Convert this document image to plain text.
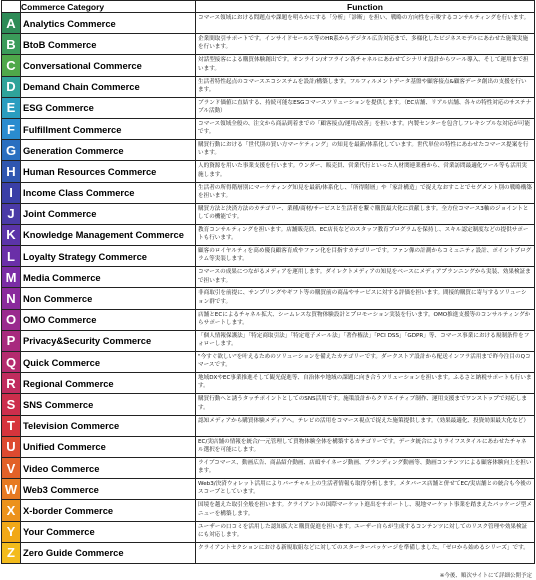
	Commerce Category	Function
A	Analytics Commerce	コマース領域における問題点や課題を明らかにする「分析」「診断」を担い、戦略の方向性を示唆するコンサルティングを行います。
B	BtoB Commerce	企業間取引サポートです。インサイドセールス等のHR系からデジタル広告対応まで、多様化したビジネスモデルにあわせた施策実施を行います。
C	Conversational Commerce	対話型接客による購買体験創出です。オンライン/オフライン各チャネルにあわせてシナリオ設計からツール導入、そして運用まで担います。
D	Demand Chain Commerce	生活者特性起点のコマースエコシステムを設計/構築します。フルフィルメントデータ基盤や顧客接点&顧客データ創出の支援を行います。
E	ESG Commerce	ブランド価値に直結する、持続可能なESGコマースソリューションを提供します。（EC店舗、リアル店舗、各々の特性対応のサステナブル活動）
F	Fulfillment Commerce	コマース領域全般の、注文から商品到着までの「顧客接点/運用/改善」を担います。内製センターを包含しフレキシブルな対応が可能です。
G	Generation Commerce	購買行動における「世代別の買い方マーケティング」の知見を最新/体系化しています。世代単位の特性にあわせたコマース提案を行います。
H	Human Resources Commerce	人的資源を用いた事業支援を行います。ウンダー、販売員、営業代行といった人材関連業務から、営業訪問最適化ツール等も活用実施します。
I	Income Class Commerce	生活者の所得階層別にマーケティング知見を最新/体系化し、「所得階層」や「家計構造」で捉えなおすことでセグメント別の戦略構築を担います。
J	Joint Commerce	購買方法と決済方法のカテゴリー、業種/商材/サービスと生活者を繋ぐ購買最大化に貢献します。全方位コマース3軸のジョイントとしての機能です。
K	Knowledge Management Commerce	教育コンサルティングを担います。店舗販売員、EC店長などのスタッフ教育プログラムを保持し、スキル認定制度などの提供サポートも行います。
L	Loyalty Strategy Commerce	顧客のロイヤルティを高め優良顧客育成やファン化を目指すカテゴリーです。ファン像の計測からコミュニティ設計、ポイントプログラム等実装します。
M	Media Commerce	コマースの成果につながるメディアを運用します。ダイレクトメディアの知見をベースにメディアプランニングから実装、効果検証まで担います。
N	Non Commerce	非商取引を前提に、サンプリングやギフト等の購買前の商品やサービスに対する評価を担います。間接的購買に寄与するソリューション群です。
O	OMO Commerce	店舗とECによるチャネル拡大、シームレスな買物体験設計とプロモーション実装を行います。OMO推進支援等のコンサルティングからサポートします。
P	Privacy&Security Commerce	「個人情報保護法」「特定商取引法」「特定電子メール法」「著作権法」「PCI DSS」「GDPR」等、コマース事業における規制条件をフォローします。
Q	Quick Commerce	"今すぐ欲しい"を叶えるためのソリューションを備えたカテゴリーです。ダークストア設計から配送インフラ活用まで昨今注目のQコマースです。
R	Regional Commerce	地域DXやEC事業推進そして観光促進等、自治体や地域の課題に向き合うソリューションを担います。ふるさと納税サポートも行います。
S	SNS Commerce	購買行動へと誘うタッチポイントとしてのSNS活用です。施策設計からクリエイティブ制作、運用支援までワンストップで対応します。
T	Television Commerce	認知メディアから購買体験メディアへ。テレビの活用をコマース視点で捉えた施策提供します。（効果最適化、投資効果最大化など）
U	Unified Commerce	EC/実店舗の情報を統合/一元管理して買物体験全体を構築するカテゴリーです。データ統合によりライフスタイルにあわせたチャネル選択を可能にします。
V	Video Commerce	ライブコマース、動画広告、商品紹介動画、店頭サイネージ動画、ブランディング動画等、動画コンテンツによる顧客体験向上を担います。
W	Web3 Commerce	Web3/決済ウォレット活用によりバーチャル上の生活者情報も取得分析します。メタバース店舗と併せてEC/実店舗との統合も今後のスコープとしています。
X	X-border Commerce	国境を越えた取引全般を担います。クライアントの国際マーケット進出をサポートし、現地マーケット事業を踏まえたパッケージ型メニューを構築します。
Y	Your Commerce	ユーザーの口コミを活用した認知拡大と購買促進を担います。ユーザー自らが生成するコンテンツに対してのリスク管理や効果検証にも対応します。
Z	Zero Guide Commerce	クライアントセクションにおける新規取組などに対してのスターターパッケージを準備しました。「ゼロから始めるシリーズ」です。
※今後、順次サイトにて詳細公開予定
